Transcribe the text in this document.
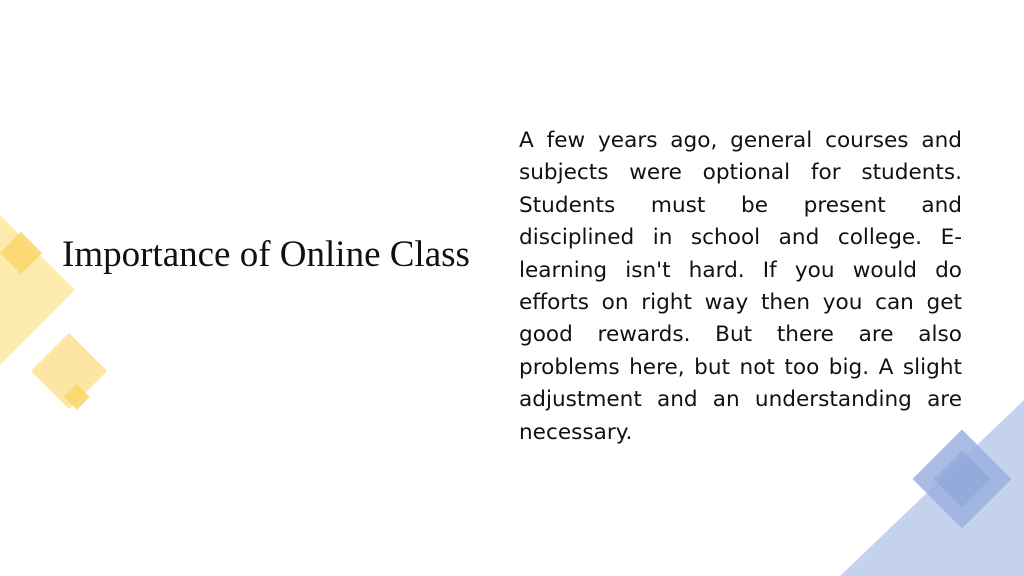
Importance of Online Class

A few years ago, general courses and subjects were optional for students. Students must be present and disciplined in school and college. E-learning isn't hard. If you would do efforts on right way then you can get good rewards. But there are also problems here, but not too big. A slight adjustment and an understanding are necessary.
